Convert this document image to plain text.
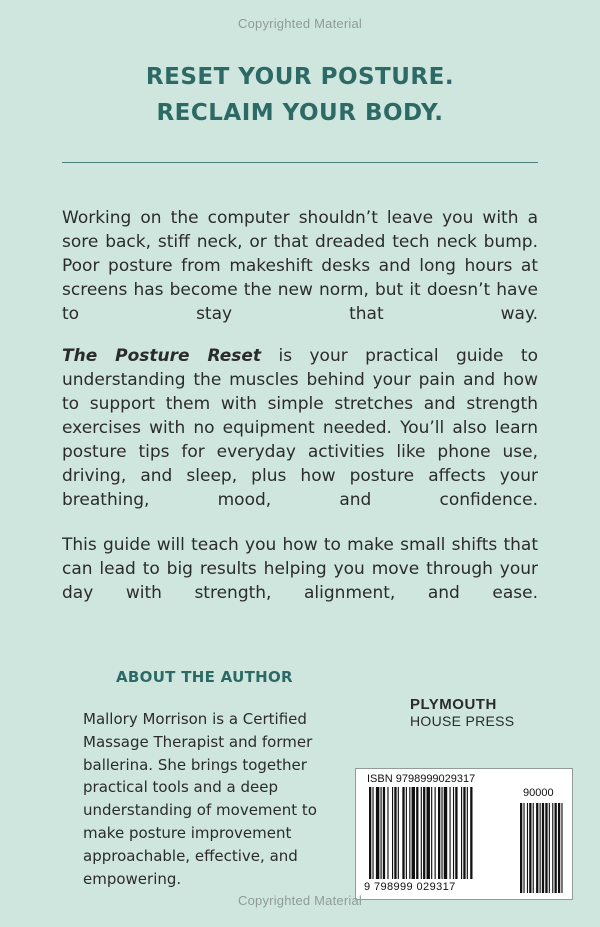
Copyrighted Material
RESET YOUR POSTURE.
RECLAIM YOUR BODY.
Working on the computer shouldn’t leave you with a sore back, stiff neck, or that dreaded tech neck bump. Poor posture from makeshift desks and long hours at screens has become the new norm, but it doesn’t have to stay that way.
The Posture Reset is your practical guide to understanding the muscles behind your pain and how to support them with simple stretches and strength exercises with no equipment needed. You’ll also learn posture tips for everyday activities like phone use, driving, and sleep, plus how posture affects your breathing, mood, and confidence.
This guide will teach you how to make small shifts that can lead to big results helping you move through your day with strength, alignment, and ease.
ABOUT THE AUTHOR
Mallory Morrison is a Certified Massage Therapist and former ballerina. She brings together practical tools and a deep understanding of movement to make posture improvement approachable, effective, and empowering.
PLYMOUTH
HOUSE PRESS
ISBN 9798999029317
90000
9 798999 029317
Copyrighted Material
